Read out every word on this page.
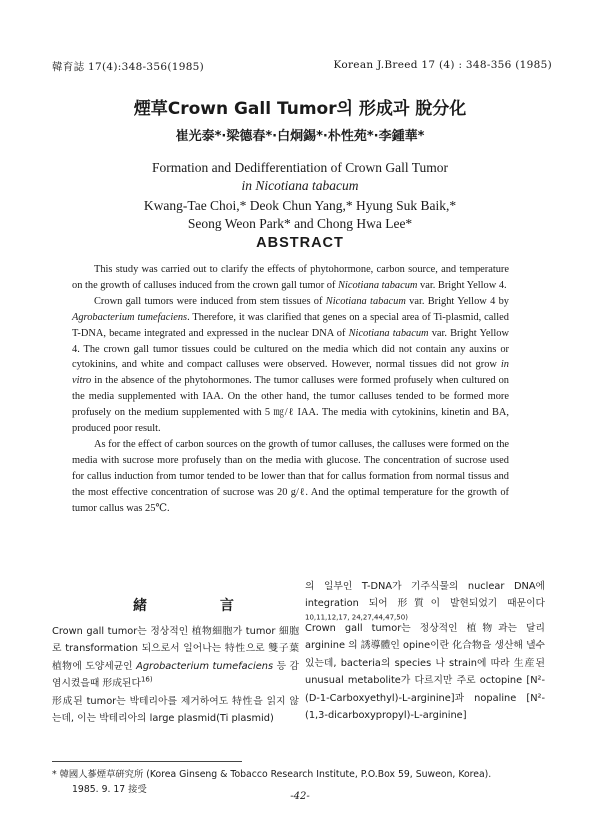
韓育誌 17(4):348-356(1985)	Korean J.Breed 17 (4) : 348-356 (1985)
煙草Crown Gall Tumor의 形成과 脫分化
崔光泰*·梁德春*·白炯錫*·朴性苑*·李鍾華*
Formation and Dedifferentiation of Crown Gall Tumor
in Nicotiana tabacum
Kwang-Tae Choi,* Deok Chun Yang,* Hyung Suk Baik,*
Seong Weon Park* and Chong Hwa Lee*
ABSTRACT

This study was carried out to clarify the effects of phytohormone, carbon source, and temperature on the growth of calluses induced from the crown gall tumor of Nicotiana tabacum var. Bright Yellow 4.

Crown gall tumors were induced from stem tissues of Nicotiana tabacum var. Bright Yellow 4 by Agrobacterium tumefaciens. Therefore, it was clarified that genes on a special area of Ti-plasmid, called T-DNA, became integrated and expressed in the nuclear DNA of Nicotiana tabacum var. Bright Yellow 4. The crown gall tumor tissues could be cultured on the media which did not contain any auxins or cytokinins, and white and compact calluses were observed. However, normal tissues did not grow in vitro in the absence of the phytohormones. The tumor calluses were formed profusely when cultured on the media supplemented with IAA. On the other hand, the tumor calluses tended to be formed more profusely on the medium supplemented with 5 ㎎/ℓ IAA. The media with cytokinins, kinetin and BA, produced poor result.

As for the effect of carbon sources on the growth of tumor calluses, the calluses were formed on the media with sucrose more profusely than on the media with glucose. The concentration of sucrose used for callus induction from tumor tended to be lower than that for callus formation from normal tissus and the most effective concentration of sucrose was 20 g/ℓ. And the optimal temperature for the growth of tumor callus was 25℃.

緒 言

Crown gall tumor는 정상적인 植物細胞가 tumor 細胞로 transformation 되으로서 일어나는 特性으로 雙子葉植物에 도양세균인 Agrobacterium tumefaciens 등 감염시켰을때 形成된다$^{16)}$

形成된 tumor는 박테리아를 제거하여도 特性을 읽지 않는데, 이는 박테리아의 large plasmid(Ti plasmid)

의 일부인 T-DNA가 기주식물의 nuclear DNA에 integration 되어 形質이 발현되었기 때문이다 $^{10,11,12,17, 24,27,44,47,50)}$

Crown gall tumor는 정상적인 植物과는 달리 arginine 의 誘導體인 opine이란 化合物을 생산해 낼수 있는데, bacteria의 species 나 strain에 따라 生産된 unusual metabolite가 다르지만 주로 octopine [N²-(D-1-Carboxyethyl)-L-arginine]과 nopaline [N²-(1,3-dicarboxypropyl)-L-arginine]

* 韓國人蔘煙草硏究所 (Korea Ginseng & Tobacco Research Institute, P.O.Box 59, Suweon, Korea).
1985. 9. 17 接受
-42-
